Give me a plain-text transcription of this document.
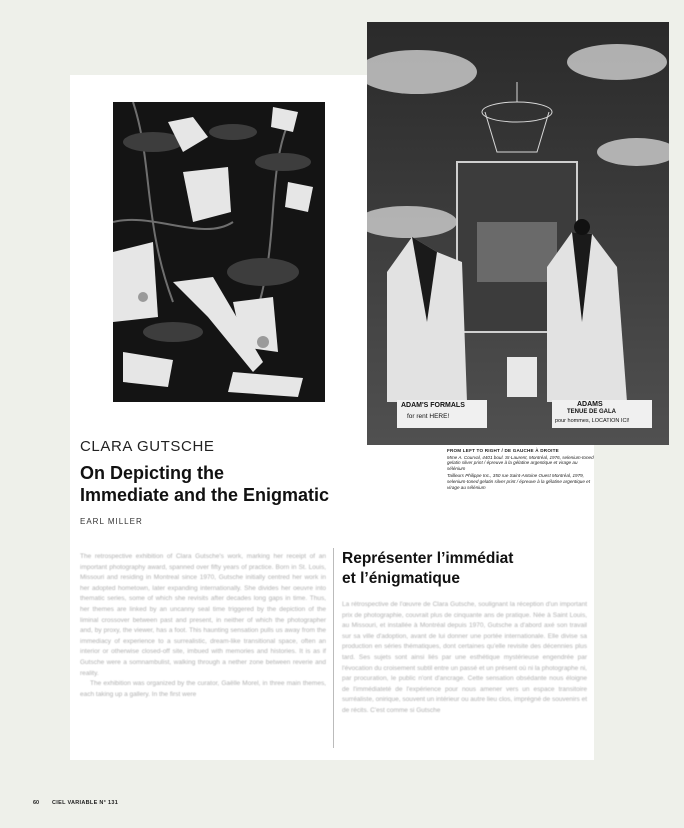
ADAM'S FORMALS
for rent HERE!
ADAMS
TENUE DE GALA
pour hommes, LOCATION ICI!
FROM LEFT TO RIGHT / DE GAUCHE À DROITE
Mme A. Courval, 4401 boul. St-Laurent, Montréal, 1976, selenium-toned gelatin silver print / épreuve à la gélatine argentique et virage au sélénium
Tailleurs Philippe Inc., 350 rue Saint-Antoine Ouest Montréal, 1979, selenium-toned gelatin silver print / épreuve à la gélatine argentique et virage au sélénium
CLARA GUTSCHE
On Depicting the
Immediate and the Enigmatic
EARL MILLER

The retrospective exhibition of Clara Gutsche's work, marking her receipt of an important photography award, spanned over fifty years of practice. Born in St. Louis, Missouri and residing in Montreal since 1970, Gutsche initially centred her work in her adopted hometown, later expanding internationally. She divides her oeuvre into thematic series, some of which she revisits after decades long gaps in time. Thus, her themes are linked by an uncanny seal time triggered by the depiction of the liminal crossover between past and present, in neither of which the photographer and, by proxy, the viewer, has a foot. This haunting sensation pulls us away from the immediacy of experience to a surrealistic, dream-like transitional space, often an interior or otherwise closed-off site, imbued with memories and histories. It is as if Gutsche were a somnambulist, walking through a nether zone between reverie and reality.

The exhibition was organized by the curator, Gaëlle Morel, in three main themes, each taking up a gallery. In the first were

Représenter l’immédiat
et l’énigmatique

La rétrospective de l'œuvre de Clara Gutsche, soulignant la réception d'un important prix de photographie, couvrait plus de cinquante ans de pratique. Née à Saint Louis, au Missouri, et installée à Montréal depuis 1970, Gutsche a d'abord axé son travail sur sa ville d'adoption, avant de lui donner une portée internationale. Elle divise sa production en séries thématiques, dont certaines qu'elle revisite des décennies plus tard. Ses sujets sont ainsi liés par une esthétique mystérieuse engendrée par l'évocation du croisement subtil entre un passé et un présent où ni la photographe ni, par procuration, le public n'ont d'ancrage. Cette sensation obsédante nous éloigne de l'immédiateté de l'expérience pour nous amener vers un espace transitoire surréaliste, onirique, souvent un intérieur ou autre lieu clos, imprégné de souvenirs et de récits. C'est comme si Gutsche

60 CIEL VARIABLE N° 131
